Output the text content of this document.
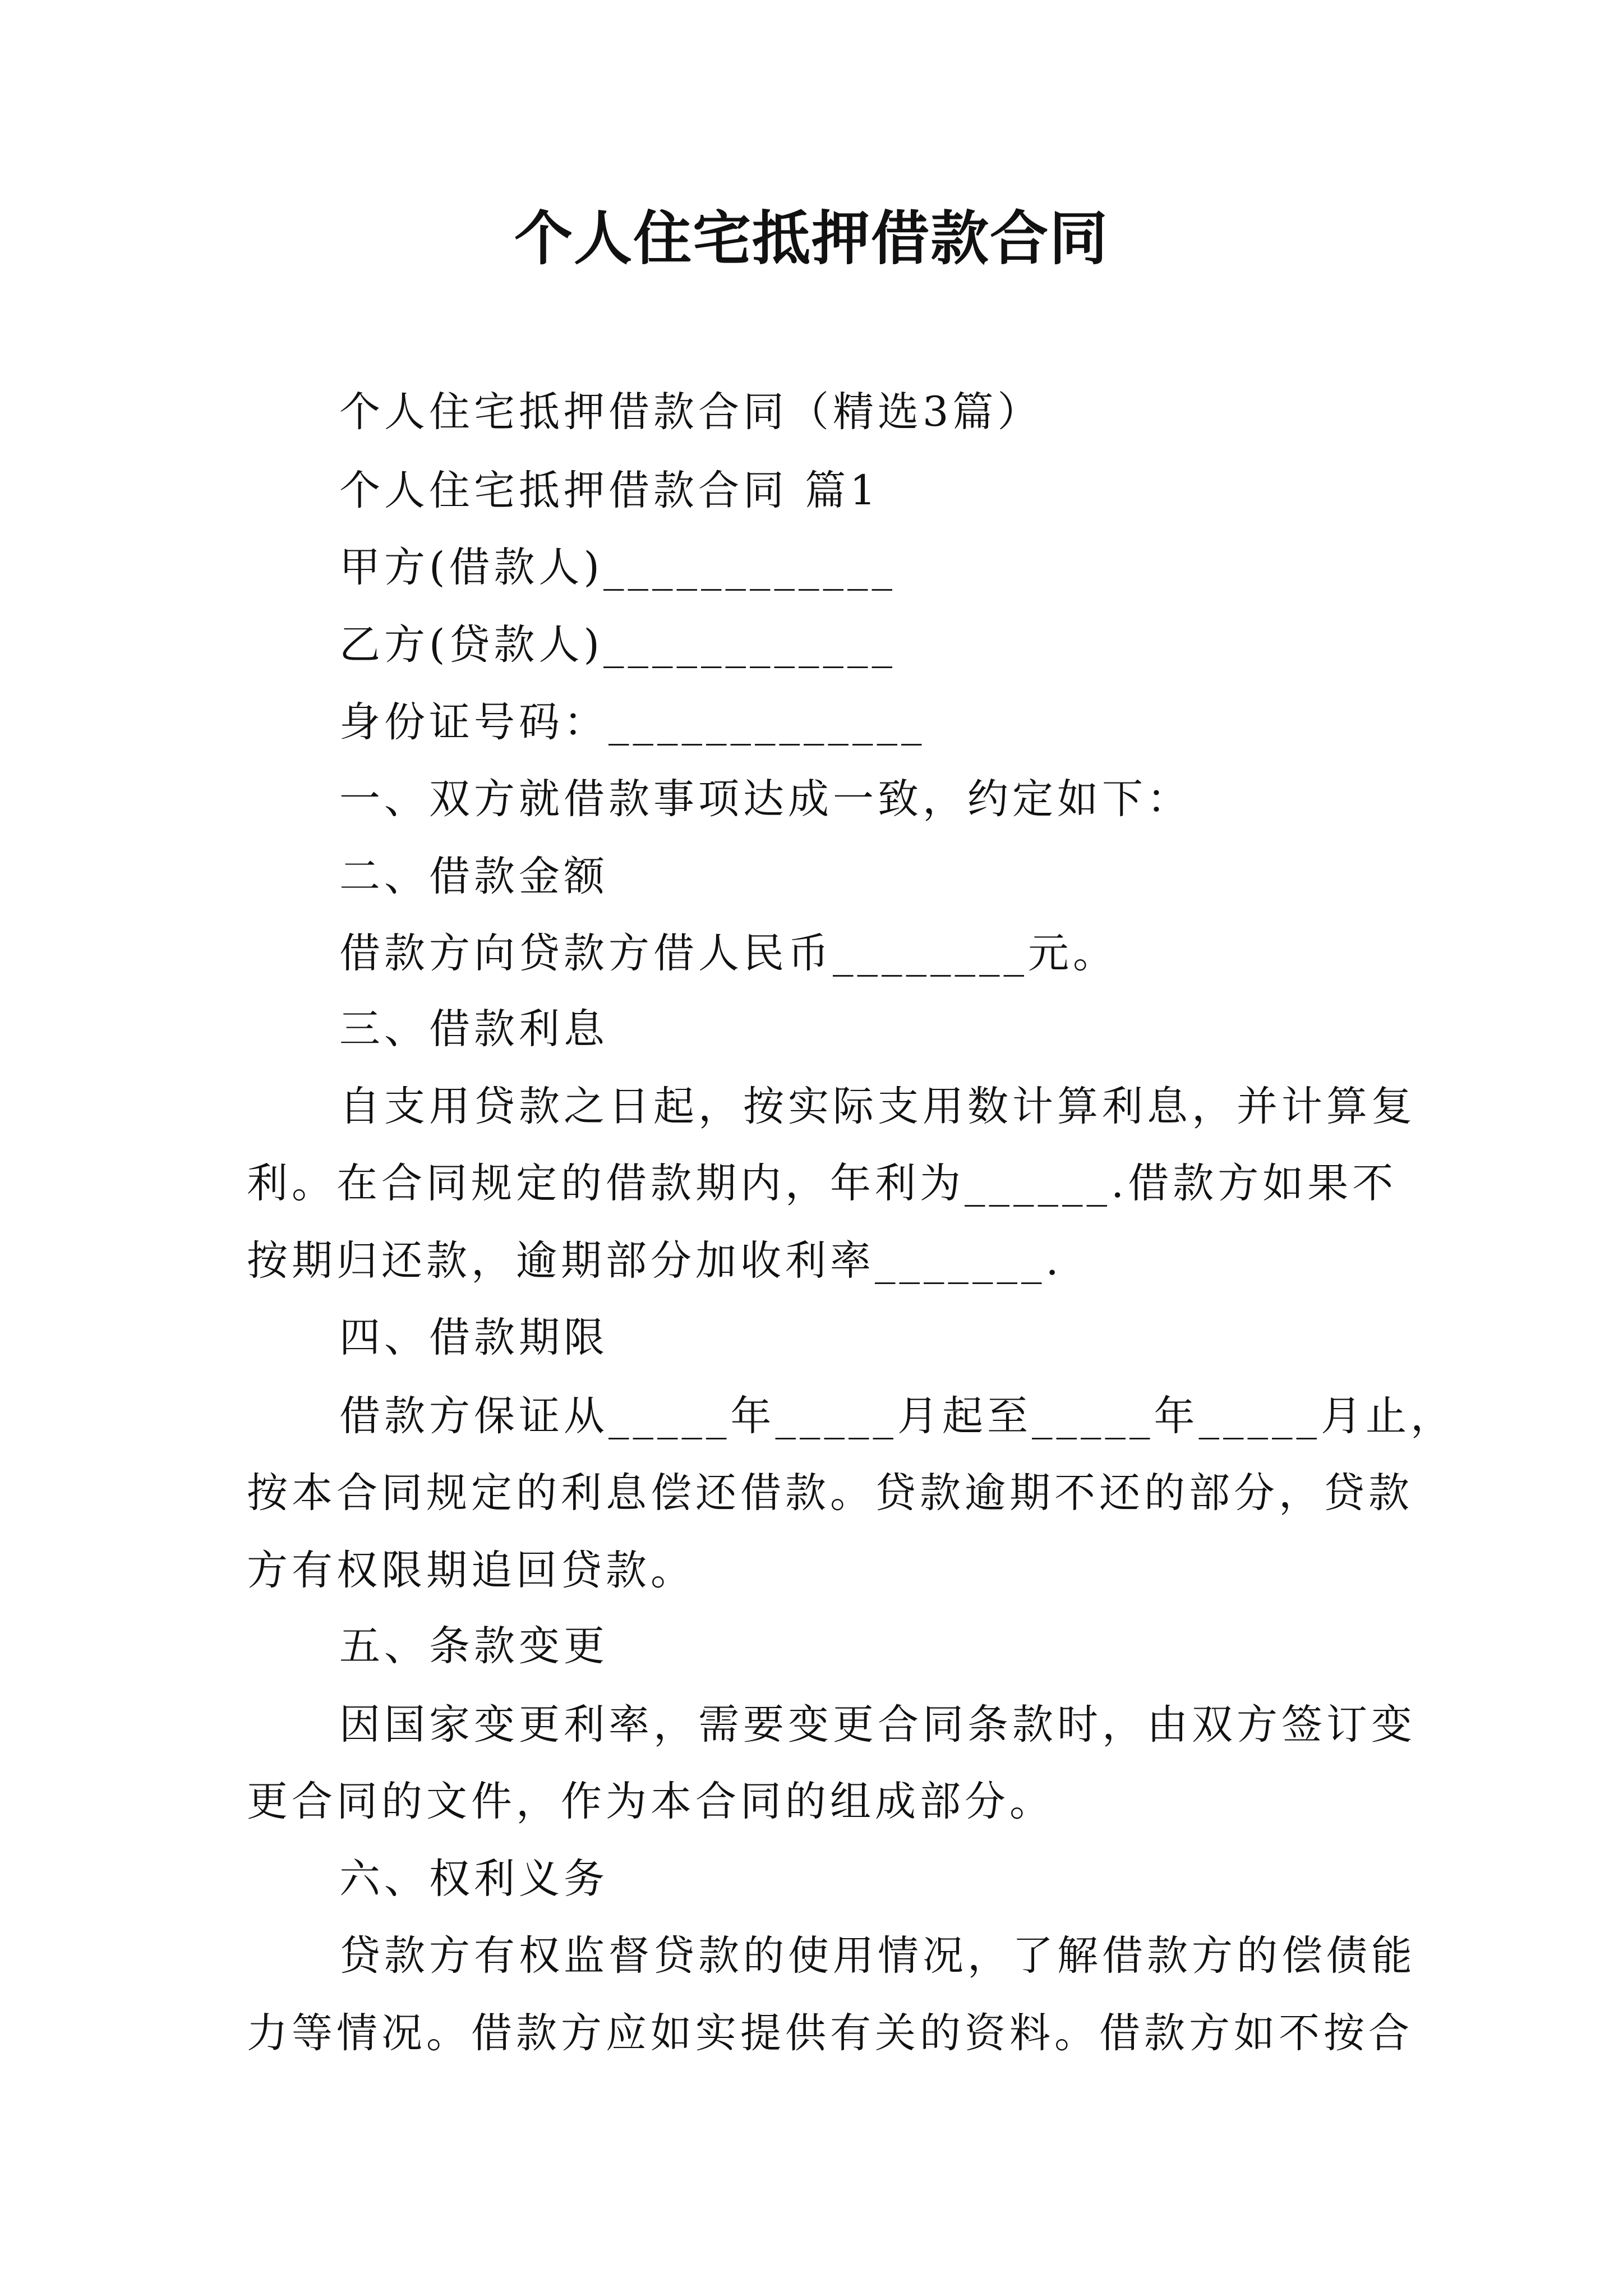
个人住宅抵押借款合同
个人住宅抵押借款合同（精选3篇）
个人住宅抵押借款合同 篇1
甲方(借款人)____________
乙方(贷款人)____________
身份证号码：_____________
一、双方就借款事项达成一致，约定如下：
二、借款金额
借款方向贷款方借人民币________元。
三、借款利息
自支用贷款之日起，按实际支用数计算利息，并计算复
利。在合同规定的借款期内，年利为______.借款方如果不
按期归还款，逾期部分加收利率_______.
四、借款期限
借款方保证从_____年_____月起至_____年_____月止，
按本合同规定的利息偿还借款。贷款逾期不还的部分，贷款
方有权限期追回贷款。
五、条款变更
因国家变更利率，需要变更合同条款时，由双方签订变
更合同的文件，作为本合同的组成部分。
六、权利义务
贷款方有权监督贷款的使用情况，了解借款方的偿债能
力等情况。借款方应如实提供有关的资料。借款方如不按合
